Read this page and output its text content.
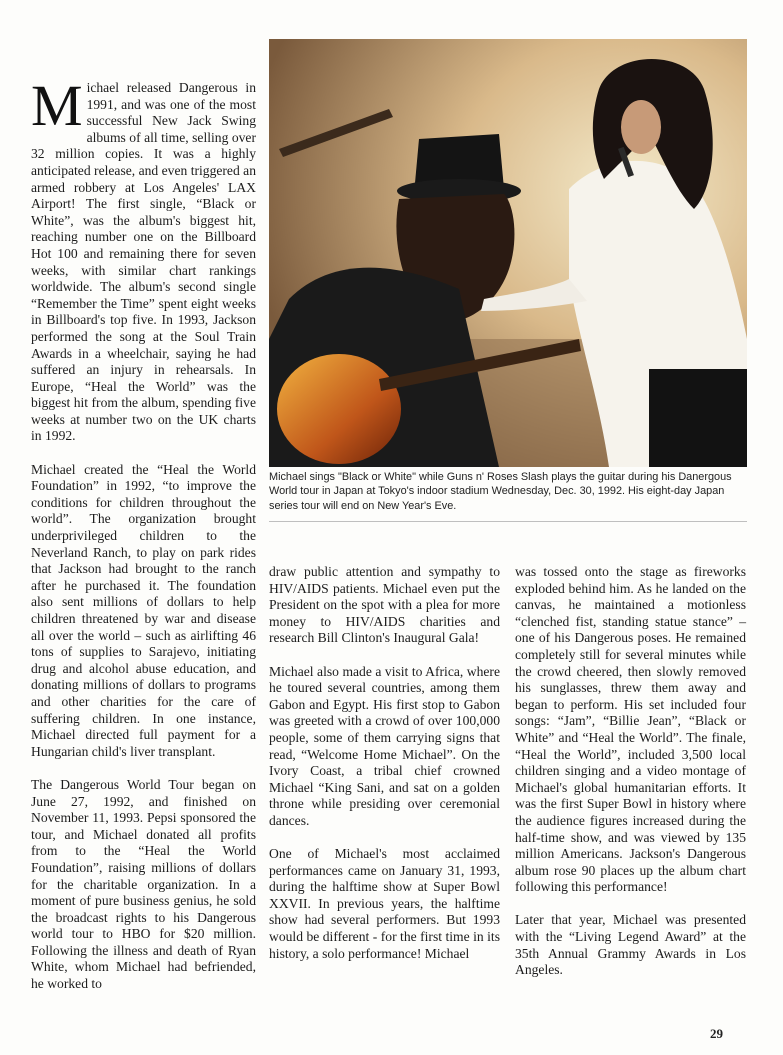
Michael released Dangerous in 1991, and was one of the most successful New Jack Swing albums of all time, selling over 32 million copies. It was a highly anticipated release, and even triggered an armed robbery at Los Angeles' LAX Airport! The first single, “Black or White”, was the album's biggest hit, reaching number one on the Billboard Hot 100 and remaining there for seven weeks, with similar chart rankings worldwide. The album's second single “Remember the Time” spent eight weeks in Billboard's top five. In 1993, Jackson performed the song at the Soul Train Awards in a wheelchair, saying he had suffered an injury in rehearsals. In Europe, “Heal the World” was the biggest hit from the album, spending five weeks at number two on the UK charts in 1992.

Michael created the “Heal the World Foundation” in 1992, “to improve the conditions for children throughout the world”. The organization brought underprivileged children to the Neverland Ranch, to play on park rides that Jackson had brought to the ranch after he purchased it. The foundation also sent millions of dollars to help children threatened by war and disease all over the world – such as airlifting 46 tons of supplies to Sarajevo, initiating drug and alcohol abuse education, and donating millions of dollars to programs and other charities for the care of suffering children. In one instance, Michael directed full payment for a Hungarian child's liver transplant.

The Dangerous World Tour began on June 27, 1992, and finished on November 11, 1993. Pepsi sponsored the tour, and Michael donated all profits from to the “Heal the World Foundation”, raising millions of dollars for the charitable organization. In a moment of pure business genius, he sold the broadcast rights to his Dangerous world tour to HBO for $20 million. Following the illness and death of Ryan White, whom Michael had befriended, he worked to

Michael sings "Black or White" while Guns n' Roses Slash plays the guitar during his Danergous World tour in Japan at Tokyo's indoor stadium Wednesday, Dec. 30, 1992. His eight-day Japan series tour will end on New Year's Eve.

draw public attention and sympathy to HIV/AIDS patients. Michael even put the President on the spot with a plea for more money to HIV/AIDS charities and research Bill Clinton's Inaugural Gala!

Michael also made a visit to Africa, where he toured several countries, among them Gabon and Egypt. His first stop to Gabon was greeted with a crowd of over 100,000 people, some of them carrying signs that read, “Welcome Home Michael”. On the Ivory Coast, a tribal chief crowned Michael “King Sani, and sat on a golden throne while presiding over ceremonial dances.

One of Michael's most acclaimed performances came on January 31, 1993, during the halftime show at Super Bowl XXVII. In previous years, the halftime show had several performers. But 1993 would be different - for the first time in its history, a solo performance! Michael

was tossed onto the stage as fireworks exploded behind him. As he landed on the canvas, he maintained a motionless “clenched fist, standing statue stance” – one of his Dangerous poses. He remained completely still for several minutes while the crowd cheered, then slowly removed his sunglasses, threw them away and began to perform. His set included four songs: “Jam”, “Billie Jean”, “Black or White” and “Heal the World”. The finale, “Heal the World”, included 3,500 local children singing and a video montage of Michael's global humanitarian efforts. It was the first Super Bowl in history where the audience figures increased during the half-time show, and was viewed by 135 million Americans. Jackson's Dangerous album rose 90 places up the album chart following this performance!

Later that year, Michael was presented with the “Living Legend Award” at the 35th Annual Grammy Awards in Los Angeles.

29
